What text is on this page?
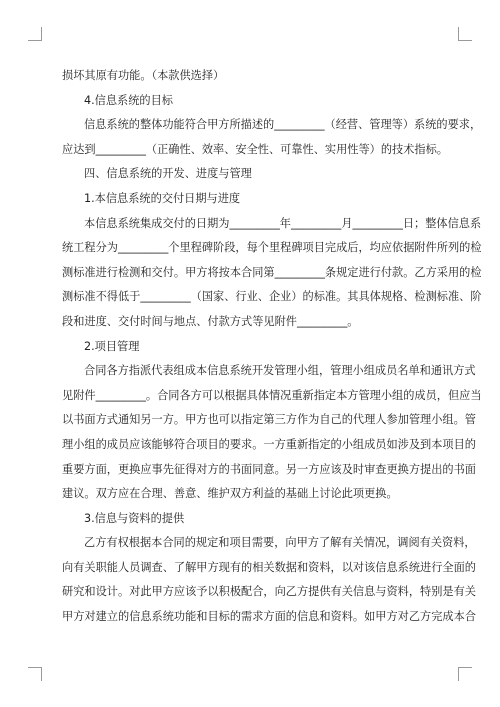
损坏其原有功能。（本款供选择）

4.信息系统的目标

信息系统的整体功能符合甲方所描述的_________（经营、管理等）系统的要求，

应达到_________（正确性、效率、安全性、可靠性、实用性等）的技术指标。

四、信息系统的开发、进度与管理

1.本信息系统的交付日期与进度

本信息系统集成交付的日期为_________年_________月_________日；整体信息系

统工程分为_________个里程碑阶段，每个里程碑项目完成后，均应依据附件所列的检

测标准进行检测和交付。甲方将按本合同第_________条规定进行付款。乙方采用的检

测标准不得低于_________（国家、行业、企业）的标准。其具体规格、检测标准、阶

段和进度、交付时间与地点、付款方式等见附件_________。

2.项目管理

合同各方指派代表组成本信息系统开发管理小组，管理小组成员名单和通讯方式

见附件_________。合同各方可以根据具体情况重新指定本方管理小组的成员，但应当

以书面方式通知另一方。甲方也可以指定第三方作为自己的代理人参加管理小组。管

理小组的成员应该能够符合项目的要求。一方重新指定的小组成员如涉及到本项目的

重要方面，更换应事先征得对方的书面同意。另一方应该及时审查更换方提出的书面

建议。双方应在合理、善意、维护双方利益的基础上讨论此项更换。

3.信息与资料的提供

乙方有权根据本合同的规定和项目需要，向甲方了解有关情况，调阅有关资料，

向有关职能人员调查、了解甲方现有的相关数据和资料，以对该信息系统进行全面的

研究和设计。对此甲方应该予以积极配合，向乙方提供有关信息与资料，特别是有关

甲方对建立的信息系统功能和目标的需求方面的信息和资料。如甲方对乙方完成本合
